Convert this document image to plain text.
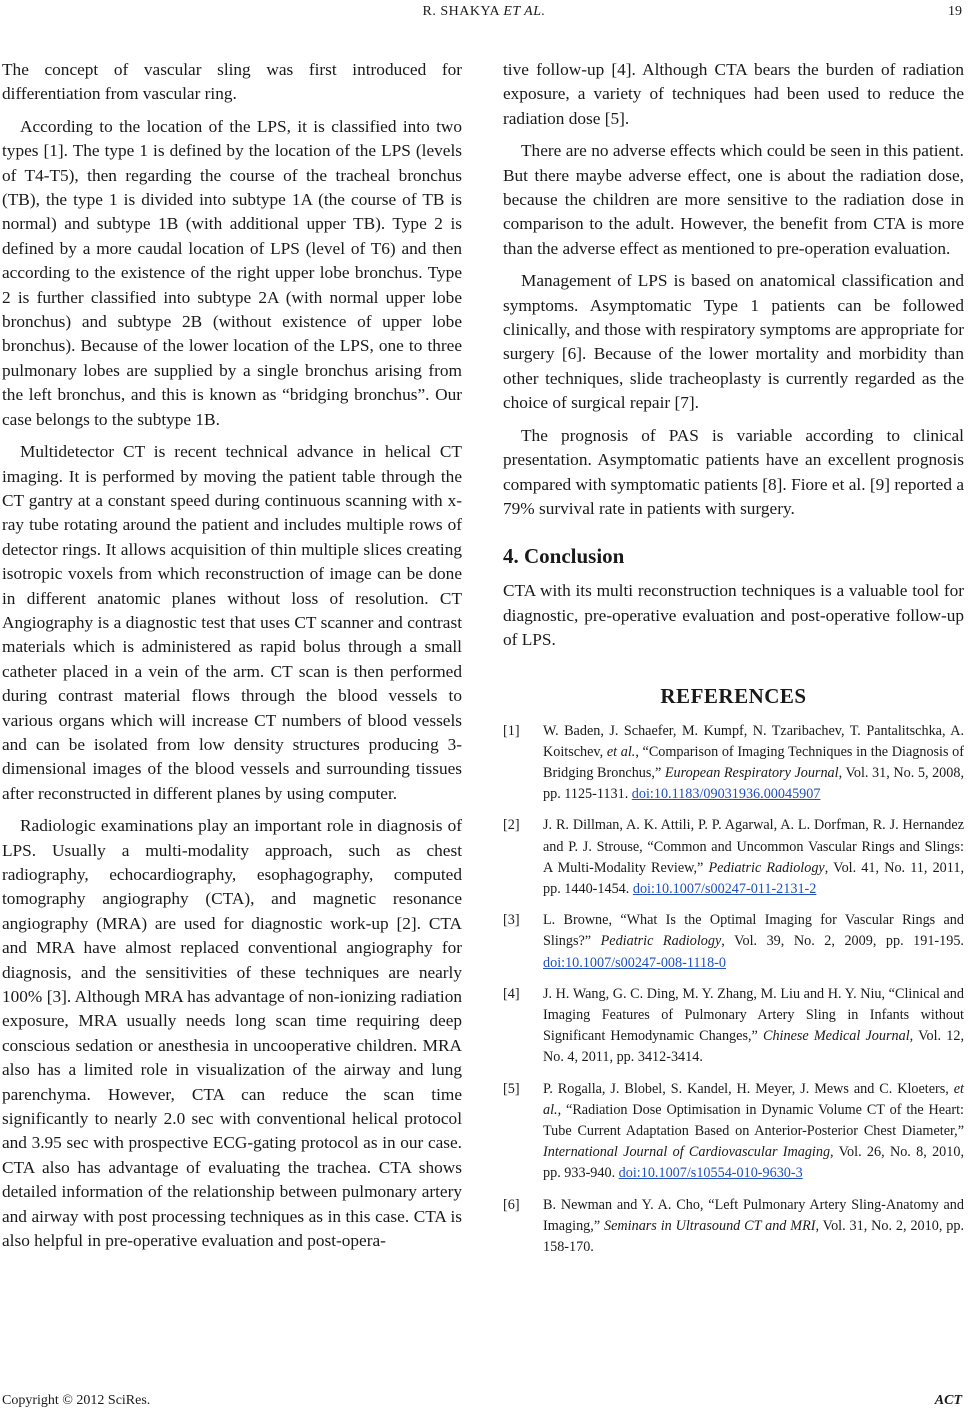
R. SHAKYA ET AL.	19

The concept of vascular sling was first introduced for differentiation from vascular ring.

According to the location of the LPS, it is classified into two types [1]. The type 1 is defined by the location of the LPS (levels of T4-T5), then regarding the course of the tracheal bronchus (TB), the type 1 is divided into subtype 1A (the course of TB is normal) and subtype 1B (with additional upper TB). Type 2 is defined by a more caudal location of LPS (level of T6) and then according to the existence of the right upper lobe bronchus. Type 2 is further classified into subtype 2A (with normal upper lobe bronchus) and subtype 2B (without existence of upper lobe bronchus). Because of the lower location of the LPS, one to three pulmonary lobes are supplied by a single bronchus arising from the left bronchus, and this is known as “bridging bronchus”. Our case belongs to the subtype 1B.

Multidetector CT is recent technical advance in helical CT imaging. It is performed by moving the patient table through the CT gantry at a constant speed during continuous scanning with x-ray tube rotating around the patient and includes multiple rows of detector rings. It allows acquisition of thin multiple slices creating isotropic voxels from which reconstruction of image can be done in different anatomic planes without loss of resolution. CT Angiography is a diagnostic test that uses CT scanner and contrast materials which is administered as rapid bolus through a small catheter placed in a vein of the arm. CT scan is then performed during contrast material flows through the blood vessels to various organs which will increase CT numbers of blood vessels and can be isolated from low density structures producing 3-dimensional images of the blood vessels and surrounding tissues after reconstructed in different planes by using computer.

Radiologic examinations play an important role in diagnosis of LPS. Usually a multi-modality approach, such as chest radiography, echocardiography, esophagography, computed tomography angiography (CTA), and magnetic resonance angiography (MRA) are used for diagnostic work-up [2]. CTA and MRA have almost replaced conventional angiography for diagnosis, and the sensitivities of these techniques are nearly 100% [3]. Although MRA has advantage of non-ionizing radiation exposure, MRA usually needs long scan time requiring deep conscious sedation or anesthesia in uncooperative children. MRA also has a limited role in visualization of the airway and lung parenchyma. However, CTA can reduce the scan time significantly to nearly 2.0 sec with conventional helical protocol and 3.95 sec with prospective ECG-gating protocol as in our case. CTA also has advantage of evaluating the trachea. CTA shows detailed information of the relationship between pulmonary artery and airway with post processing techniques as in this case. CTA is also helpful in pre-operative evaluation and post-opera-

tive follow-up [4]. Although CTA bears the burden of radiation exposure, a variety of techniques had been used to reduce the radiation dose [5].

There are no adverse effects which could be seen in this patient. But there maybe adverse effect, one is about the radiation dose, because the children are more sensitive to the radiation dose in comparison to the adult. However, the benefit from CTA is more than the adverse effect as mentioned to pre-operation evaluation.

Management of LPS is based on anatomical classification and symptoms. Asymptomatic Type 1 patients can be followed clinically, and those with respiratory symptoms are appropriate for surgery [6]. Because of the lower mortality and morbidity than other techniques, slide tracheoplasty is currently regarded as the choice of surgical repair [7].

The prognosis of PAS is variable according to clinical presentation. Asymptomatic patients have an excellent prognosis compared with symptomatic patients [8]. Fiore et al. [9] reported a 79% survival rate in patients with surgery.

4. Conclusion

CTA with its multi reconstruction techniques is a valuable tool for diagnostic, pre-operative evaluation and post-operative follow-up of LPS.

REFERENCES
[1]	W. Baden, J. Schaefer, M. Kumpf, N. Tzaribachev, T. Pantalitschka, A. Koitschev, et al., “Comparison of Imaging Techniques in the Diagnosis of Bridging Bronchus,” European Respiratory Journal, Vol. 31, No. 5, 2008, pp. 1125-1131. doi:10.1183/09031936.00045907
[2]	J. R. Dillman, A. K. Attili, P. P. Agarwal, A. L. Dorfman, R. J. Hernandez and P. J. Strouse, “Common and Uncommon Vascular Rings and Slings: A Multi-Modality Review,” Pediatric Radiology, Vol. 41, No. 11, 2011, pp. 1440-1454. doi:10.1007/s00247-011-2131-2
[3]	L. Browne, “What Is the Optimal Imaging for Vascular Rings and Slings?” Pediatric Radiology, Vol. 39, No. 2, 2009, pp. 191-195. doi:10.1007/s00247-008-1118-0
[4]	J. H. Wang, G. C. Ding, M. Y. Zhang, M. Liu and H. Y. Niu, “Clinical and Imaging Features of Pulmonary Artery Sling in Infants without Significant Hemodynamic Changes,” Chinese Medical Journal, Vol. 12, No. 4, 2011, pp. 3412-3414.
[5]	P. Rogalla, J. Blobel, S. Kandel, H. Meyer, J. Mews and C. Kloeters, et al., “Radiation Dose Optimisation in Dynamic Volume CT of the Heart: Tube Current Adaptation Based on Anterior-Posterior Chest Diameter,” International Journal of Cardiovascular Imaging, Vol. 26, No. 8, 2010, pp. 933-940. doi:10.1007/s10554-010-9630-3
[6]	B. Newman and Y. A. Cho, “Left Pulmonary Artery Sling-Anatomy and Imaging,” Seminars in Ultrasound CT and MRI, Vol. 31, No. 2, 2010, pp. 158-170.
Copyright © 2012 SciRes.	ACT
